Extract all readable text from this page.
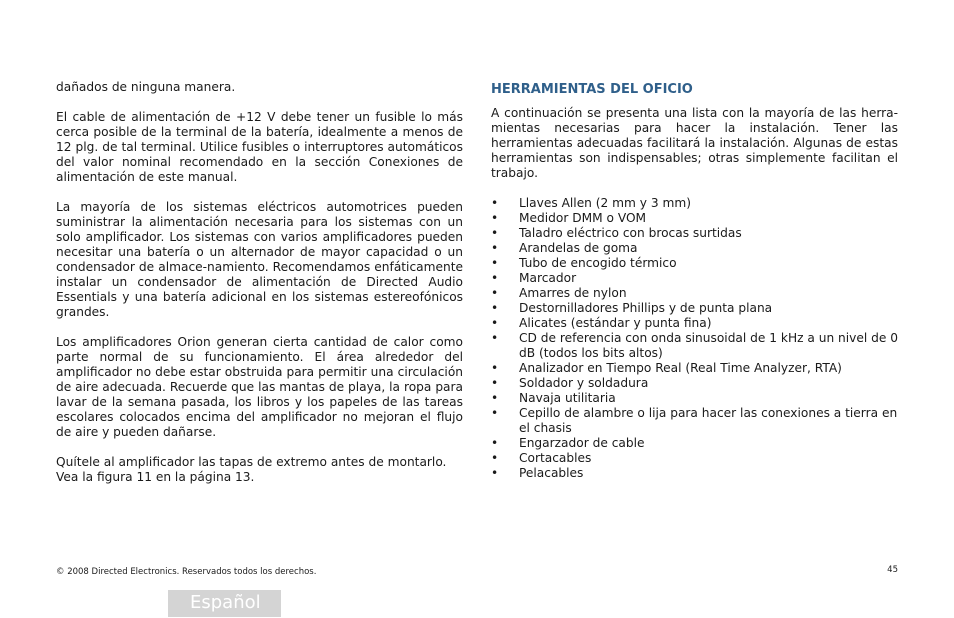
dañados de ninguna manera.

El cable de alimentación de +12 V debe tener un fusible lo más cerca posible de la terminal de la batería, idealmente a menos de 12 plg. de tal terminal. Utilice fusibles o interruptores automáticos del valor nominal recomendado en la sección Conexiones de alimentación de este manual.

La mayoría de los sistemas eléctricos automotrices pueden suministrar la alimentación necesaria para los sistemas con un solo amplificador. Los sistemas con varios amplificadores pueden necesitar una batería o un alternador de mayor capacidad o un condensador de almace-namiento. Recomendamos enfáticamente instalar un condensador de alimentación de Directed Audio Essentials y una batería adicional en los sistemas estereofónicos grandes.

Los amplificadores Orion generan cierta cantidad de calor como parte normal de su funcionamiento. El área alrededor del amplificador no debe estar obstruida para permitir una circulación de aire adecuada. Recuerde que las mantas de playa, la ropa para lavar de la semana pasada, los libros y los papeles de las tareas escolares colocados encima del amplificador no mejoran el flujo de aire y pueden dañarse.

Quítele al amplificador las tapas de extremo antes de montarlo.
Vea la figura 11 en la página 13.
HERRAMIENTAS DEL OFICIO

A continuación se presenta una lista con la mayoría de las herra-mientas necesarias para hacer la instalación. Tener las herramientas adecuadas facilitará la instalación. Algunas de estas herramientas son indispensables; otras simplemente facilitan el trabajo.

• Llaves Allen (2 mm y 3 mm)
• Medidor DMM o VOM
• Taladro eléctrico con brocas surtidas
• Arandelas de goma
• Tubo de encogido térmico
• Marcador
• Amarres de nylon
• Destornilladores Phillips y de punta plana
• Alicates (estándar y punta fina)
• CD de referencia con onda sinusoidal de 1 kHz a un nivel de 0 dB (todos los bits altos)
• Analizador en Tiempo Real (Real Time Analyzer, RTA)
• Soldador y soldadura
• Navaja utilitaria
• Cepillo de alambre o lija para hacer las conexiones a tierra en el chasis
• Engarzador de cable
• Cortacables
• Pelacables
© 2008 Directed Electronics. Reservados todos los derechos.	45
Español
